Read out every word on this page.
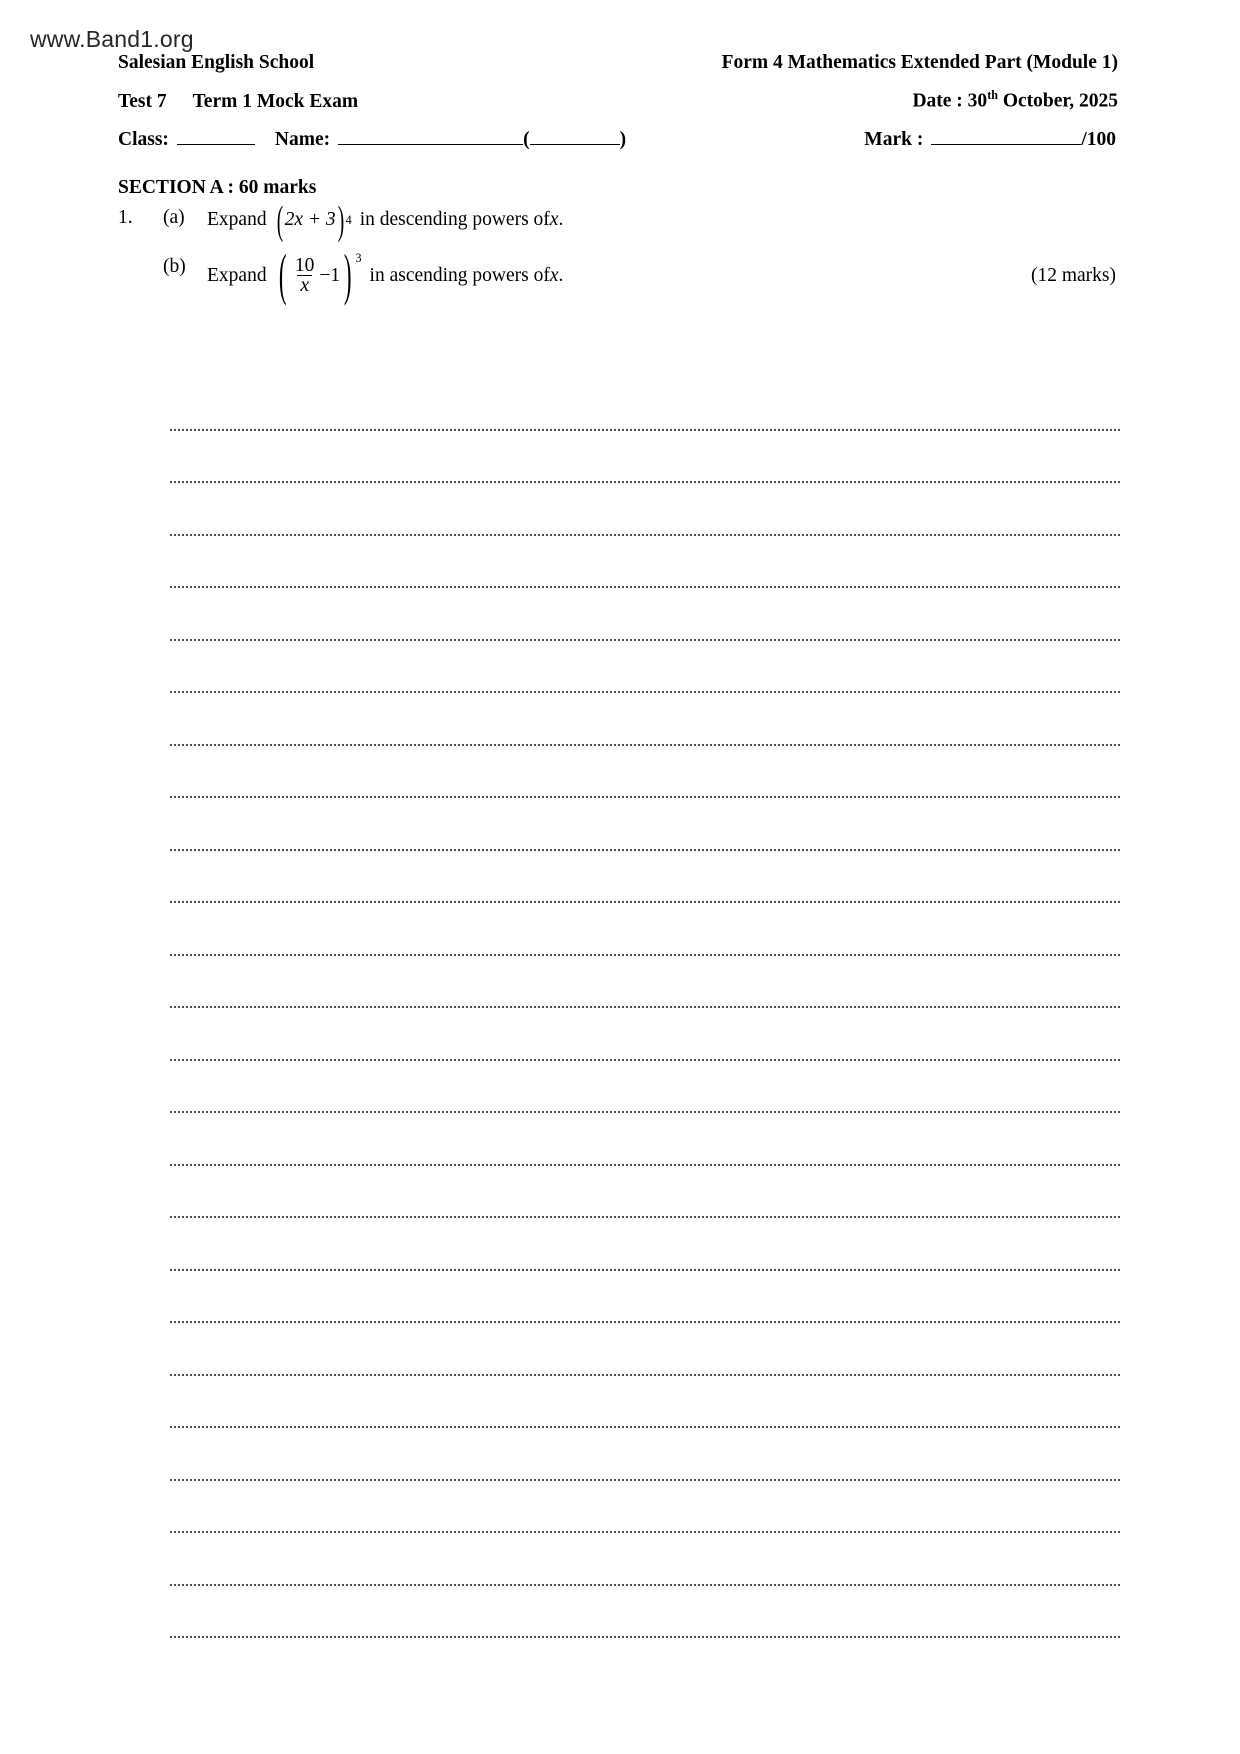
www.Band1.org
Salesian English School	Form 4 Mathematics Extended Part (Module 1)
Test 7 Term 1 Mock Exam	Date : 30th October, 2025
Class:	Name:	(	)	Mark :	/100
SECTION A : 60 marks
1. (a)	Expand ( 2x + 3 ) 4 in descending powers of x .
(b)	Expand ( $\frac{10}{x} -1$ ) 3
in ascending powers of x .	(12 marks)
